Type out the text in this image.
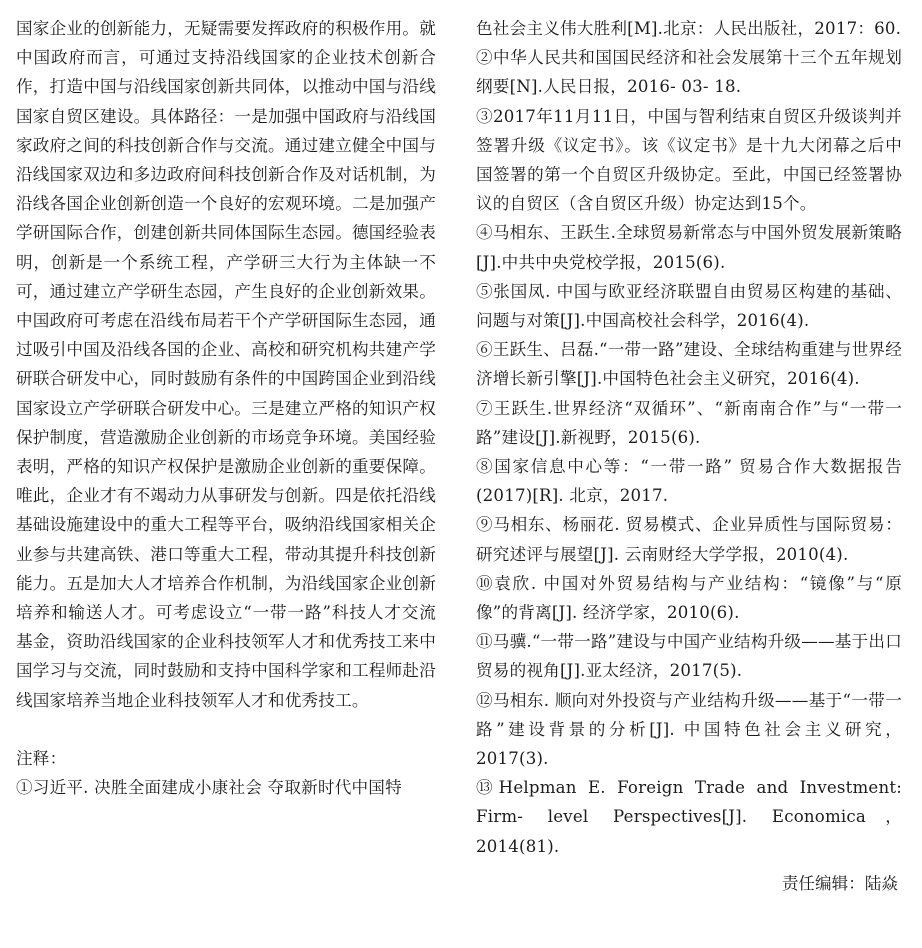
国家企业的创新能力，无疑需要发挥政府的积极作用。就中国政府而言，可通过支持沿线国家的企业技术创新合作，打造中国与沿线国家创新共同体，以推动中国与沿线国家自贸区建设。具体路径：一是加强中国政府与沿线国家政府之间的科技创新合作与交流。通过建立健全中国与沿线国家双边和多边政府间科技创新合作及对话机制，为沿线各国企业创新创造一个良好的宏观环境。二是加强产学研国际合作，创建创新共同体国际生态园。德国经验表明，创新是一个系统工程，产学研三大行为主体缺一不可，通过建立产学研生态园，产生良好的企业创新效果。中国政府可考虑在沿线布局若干个产学研国际生态园，通过吸引中国及沿线各国的企业、高校和研究机构共建产学研联合研发中心，同时鼓励有条件的中国跨国企业到沿线国家设立产学研联合研发中心。三是建立严格的知识产权保护制度，营造激励企业创新的市场竞争环境。美国经验表明，严格的知识产权保护是激励企业创新的重要保障。唯此，企业才有不竭动力从事研发与创新。四是依托沿线基础设施建设中的重大工程等平台，吸纳沿线国家相关企业参与共建高铁、港口等重大工程，带动其提升科技创新能力。五是加大人才培养合作机制，为沿线国家企业创新培养和输送人才。可考虑设立“一带一路”科技人才交流基金，资助沿线国家的企业科技领军人才和优秀技工来中国学习与交流，同时鼓励和支持中国科学家和工程师赴沿线国家培养当地企业科技领军人才和优秀技工。

注释：

①习近平. 决胜全面建成小康社会 夺取新时代中国特

色社会主义伟大胜利[M].北京：人民出版社，2017：60.

②中华人民共和国国民经济和社会发展第十三个五年规划纲要[N].人民日报，2016- 03- 18.

③2017年11月11日，中国与智利结束自贸区升级谈判并签署升级《议定书》。该《议定书》是十九大闭幕之后中国签署的第一个自贸区升级协定。至此，中国已经签署协议的自贸区（含自贸区升级）协定达到15个。

④马相东、王跃生.全球贸易新常态与中国外贸发展新策略[J].中共中央党校学报，2015(6).

⑤张国凤. 中国与欧亚经济联盟自由贸易区构建的基础、问题与对策[J].中国高校社会科学，2016(4).

⑥王跃生、吕磊.“一带一路”建设、全球结构重建与世界经济增长新引擎[J].中国特色社会主义研究，2016(4).

⑦王跃生.世界经济“双循环”、“新南南合作”与“一带一路”建设[J].新视野，2015(6).

⑧国家信息中心等：“一带一路” 贸易合作大数据报告(2017)[R]. 北京，2017.

⑨马相东、杨丽花. 贸易模式、企业异质性与国际贸易：研究述评与展望[J]. 云南财经大学学报，2010(4).

⑩袁欣. 中国对外贸易结构与产业结构：“镜像”与“原像”的背离[J]. 经济学家，2010(6).

⑪马骥.“一带一路”建设与中国产业结构升级——基于出口贸易的视角[J].亚太经济，2017(5).

⑫马相东. 顺向对外投资与产业结构升级——基于“一带一路”建设背景的分析[J]. 中国特色社会主义研究，2017(3).

⑬Helpman E. Foreign Trade and Investment: Firm- level Perspectives[J]. Economica，2014(81).

责任编辑：陆焱
